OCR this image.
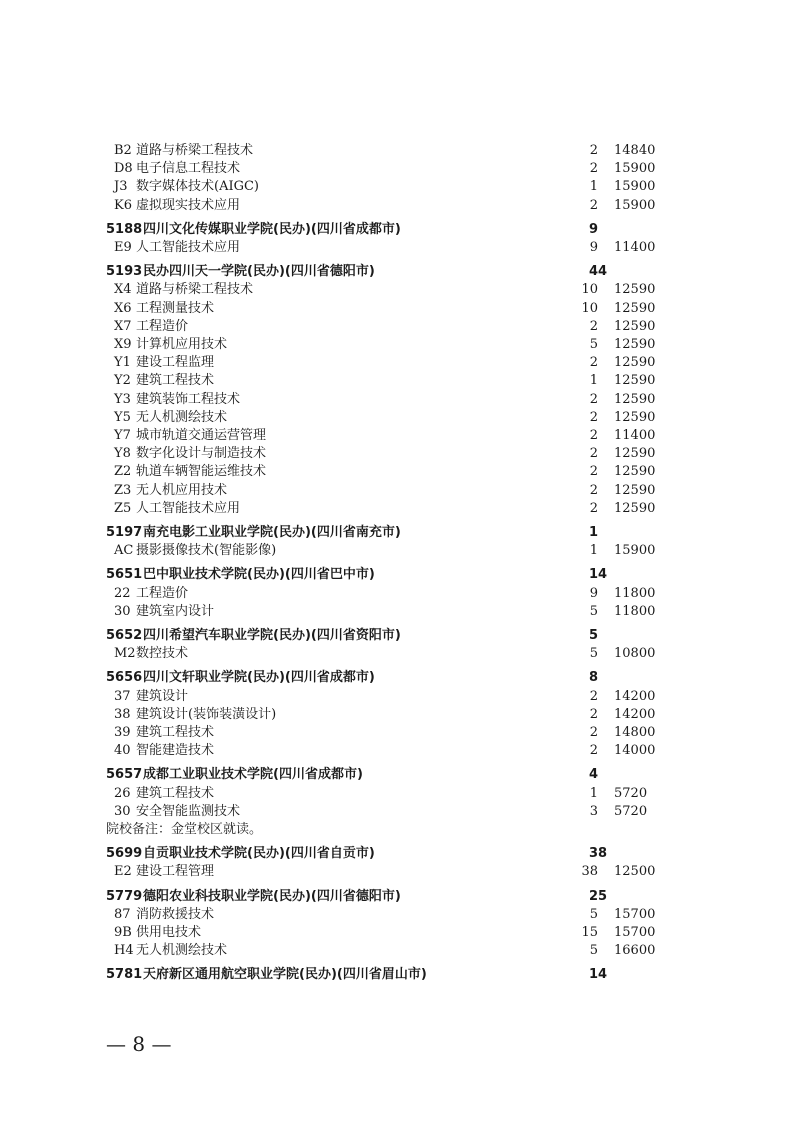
B2 道路与桥梁工程技术	2 14840
D8 电子信息工程技术	2 15900
J3 数字媒体技术(AIGC)	1 15900
K6 虚拟现实技术应用	2 15900
5188 四川文化传媒职业学院(民办)(四川省成都市)	9
E9 人工智能技术应用	9 11400
5193 民办四川天一学院(民办)(四川省德阳市)	44
X4 道路与桥梁工程技术	10 12590
X6 工程测量技术	10 12590
X7 工程造价	2 12590
X9 计算机应用技术	5 12590
Y1 建设工程监理	2 12590
Y2 建筑工程技术	1 12590
Y3 建筑装饰工程技术	2 12590
Y5 无人机测绘技术	2 12590
Y7 城市轨道交通运营管理	2 11400
Y8 数字化设计与制造技术	2 12590
Z2 轨道车辆智能运维技术	2 12590
Z3 无人机应用技术	2 12590
Z5 人工智能技术应用	2 12590
5197 南充电影工业职业学院(民办)(四川省南充市)	1
AC 摄影摄像技术(智能影像)	1 15900
5651 巴中职业技术学院(民办)(四川省巴中市)	14
22 工程造价	9 11800
30 建筑室内设计	5 11800
5652 四川希望汽车职业学院(民办)(四川省资阳市)	5
M2 数控技术	5 10800
5656 四川文轩职业学院(民办)(四川省成都市)	8
37 建筑设计	2 14200
38 建筑设计(装饰装潢设计)	2 14200
39 建筑工程技术	2 14800
40 智能建造技术	2 14000
5657 成都工业职业技术学院(四川省成都市)	4
26 建筑工程技术	1 5720
30 安全智能监测技术	3 5720
院校备注：金堂校区就读。
5699 自贡职业技术学院(民办)(四川省自贡市)	38
E2 建设工程管理	38 12500
5779 德阳农业科技职业学院(民办)(四川省德阳市)	25
87 消防救援技术	5 15700
9B 供用电技术	15 15700
H4 无人机测绘技术	5 16600
5781 天府新区通用航空职业学院(民办)(四川省眉山市)	14
— 8 —
